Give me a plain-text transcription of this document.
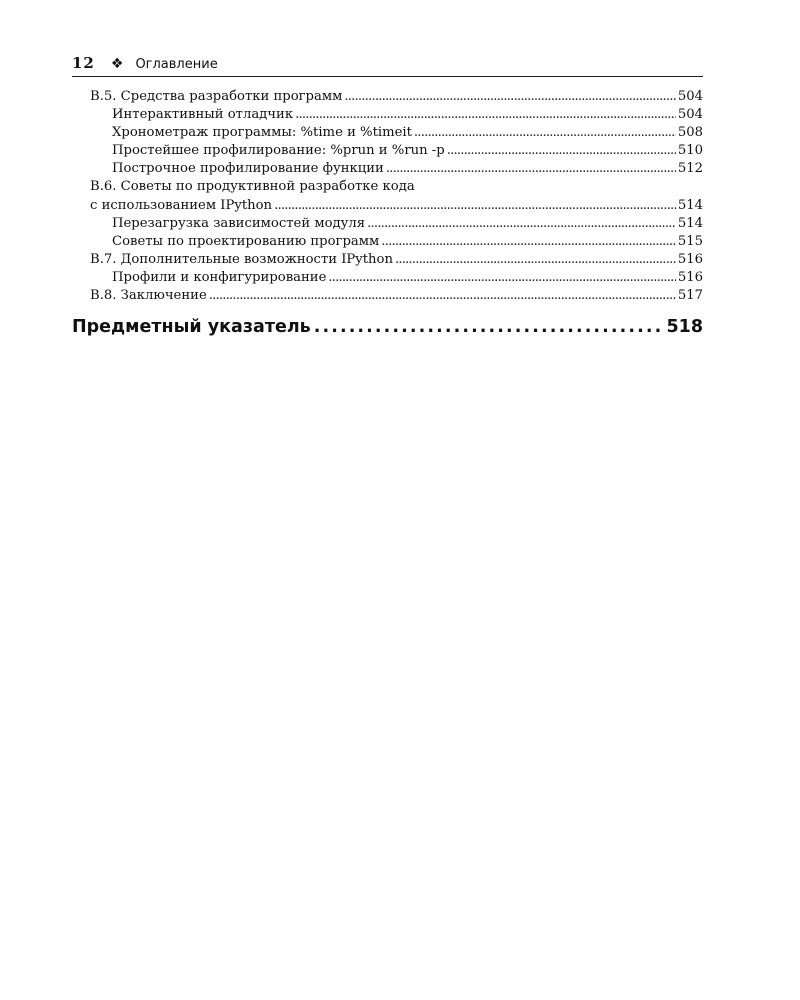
12 ❖ Оглавление
B.5. Средства разработки программ . . .	504
Интерактивный отладчик . . .	504
Хронометраж программы: %time и %timeit . . .	508
Простейшее профилирование: %prun и %run -p . . .	510
Построчное профилирование функции . . .	512
B.6. Советы по продуктивной разработке кода
с использованием IPython . . .	514
Перезагрузка зависимостей модуля . . .	514
Советы по проектированию программ . . .	515
B.7. Дополнительные возможности IPython . . .	516
Профили и конфигурирование . . .	516
B.8. Заключение . . .	517
Предметный указатель . . .	518
